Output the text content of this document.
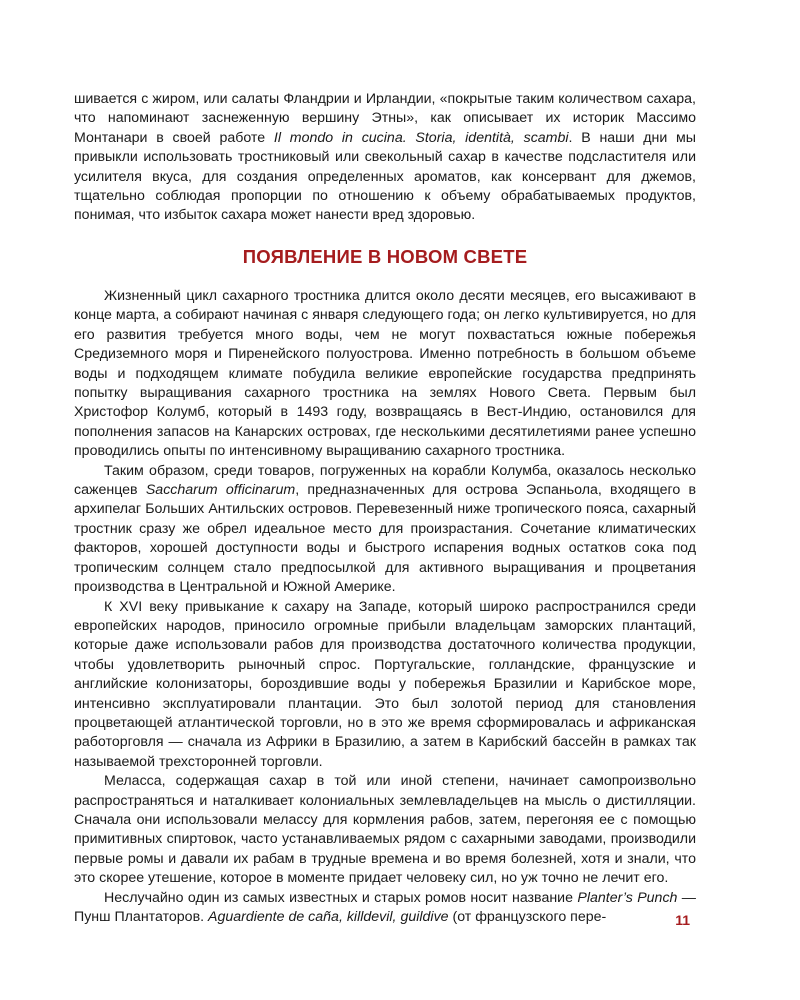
шивается с жиром, или салаты Фландрии и Ирландии, «покрытые таким количеством сахара, что напоминают заснеженную вершину Этны», как описывает их историк Массимо Монтанари в своей работе Il mondo in cucina. Storia, identità, scambi. В наши дни мы привыкли использовать тростниковый или свекольный сахар в качестве подсластителя или усилителя вкуса, для создания определенных ароматов, как консервант для джемов, тщательно соблюдая пропорции по отношению к объему обрабатываемых продуктов, понимая, что избыток сахара может нанести вред здоровью.

ПОЯВЛЕНИЕ В НОВОМ СВЕТЕ

Жизненный цикл сахарного тростника длится около десяти месяцев, его высаживают в конце марта, а собирают начиная с января следующего года; он легко культивируется, но для его развития требуется много воды, чем не могут похвастаться южные побережья Средиземного моря и Пиренейского полуострова. Именно потребность в большом объеме воды и подходящем климате побудила великие европейские государства предпринять попытку выращивания сахарного тростника на землях Нового Света. Первым был Христофор Колумб, который в 1493 году, возвращаясь в Вест-Индию, остановился для пополнения запасов на Канарских островах, где несколькими десятилетиями ранее успешно проводились опыты по интенсивному выращиванию сахарного тростника.

Таким образом, среди товаров, погруженных на корабли Колумба, оказалось несколько саженцев Saccharum officinarum, предназначенных для острова Эспаньола, входящего в архипелаг Больших Антильских островов. Перевезенный ниже тропического пояса, сахарный тростник сразу же обрел идеальное место для произрастания. Сочетание климатических факторов, хорошей доступности воды и быстрого испарения водных остатков сока под тропическим солнцем стало предпосылкой для активного выращивания и процветания производства в Центральной и Южной Америке.

К XVI веку привыкание к сахару на Западе, который широко распространился среди европейских народов, приносило огромные прибыли владельцам заморских плантаций, которые даже использовали рабов для производства достаточного количества продукции, чтобы удовлетворить рыночный спрос. Португальские, голландские, французские и английские колонизаторы, бороздившие воды у побережья Бразилии и Карибское море, интенсивно эксплуатировали плантации. Это был золотой период для становления процветающей атлантической торговли, но в это же время сформировалась и африканская работорговля — сначала из Африки в Бразилию, а затем в Карибский бассейн в рамках так называемой трехсторонней торговли.

Меласса, содержащая сахар в той или иной степени, начинает самопроизвольно распространяться и наталкивает колониальных землевладельцев на мысль о дистилляции. Сначала они использовали мелассу для кормления рабов, затем, перегоняя ее с помощью примитивных спиртовок, часто устанавливаемых рядом с сахарными заводами, производили первые ромы и давали их рабам в трудные времена и во время болезней, хотя и знали, что это скорее утешение, которое в моменте придает человеку сил, но уж точно не лечит его.

Неслучайно один из самых известных и старых ромов носит название Planter’s Punch — Пунш Плантаторов. Aguardiente de caña, killdevil, guildive (от французского пере-	11
